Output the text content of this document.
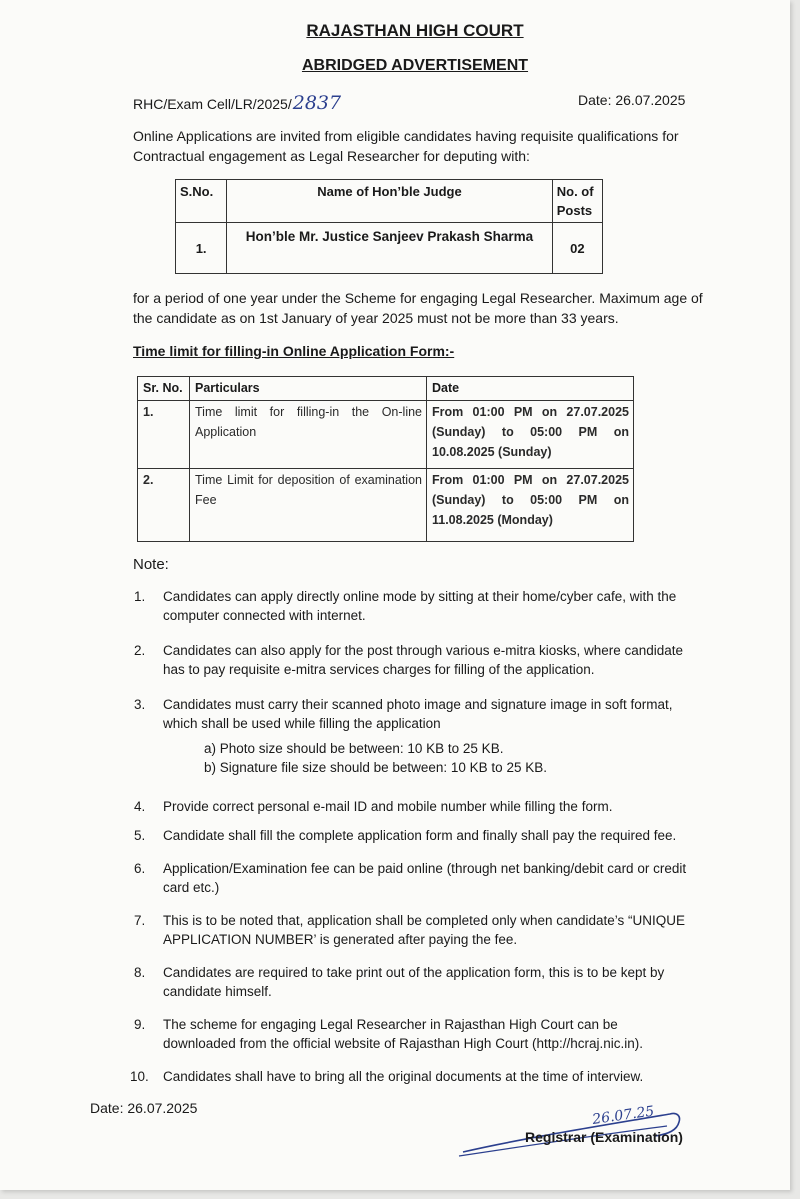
RAJASTHAN HIGH COURT
ABRIDGED ADVERTISEMENT
RHC/Exam Cell/LR/2025/2837	Date: 26.07.2025
Online Applications are invited from eligible candidates having requisite qualifications for Contractual engagement as Legal Researcher for deputing with:
S.No.	Name of Hon’ble Judge	No. of Posts
1.	Hon’ble Mr. Justice Sanjeev Prakash Sharma	02
for a period of one year under the Scheme for engaging Legal Researcher. Maximum age of the candidate as on 1st January of year 2025 must not be more than 33 years.
Time limit for filling-in Online Application Form:-
Sr. No.	Particulars	Date
1.	Time limit for filling-in the On-line Application	From 01:00 PM on 27.07.2025 (Sunday) to 05:00 PM on 10.08.2025 (Sunday)
2.	Time Limit for deposition of examination Fee	From 01:00 PM on 27.07.2025 (Sunday) to 05:00 PM on 11.08.2025 (Monday)
Note:
1. Candidates can apply directly online mode by sitting at their home/cyber cafe, with the computer connected with internet.
2. Candidates can also apply for the post through various e-mitra kiosks, where candidate has to pay requisite e-mitra services charges for filling of the application.
3. Candidates must carry their scanned photo image and signature image in soft format, which shall be used while filling the application
4. Provide correct personal e-mail ID and mobile number while filling the form.
5. Candidate shall fill the complete application form and finally shall pay the required fee.
6. Application/Examination fee can be paid online (through net banking/debit card or credit card etc.)
7. This is to be noted that, application shall be completed only when candidate’s “UNIQUE APPLICATION NUMBER’ is generated after paying the fee.
8. Candidates are required to take print out of the application form, this is to be kept by candidate himself.
9. The scheme for engaging Legal Researcher in Rajasthan High Court can be downloaded from the official website of Rajasthan High Court (http://hcraj.nic.in).
10. Candidates shall have to bring all the original documents at the time of interview.
a) Photo size should be between: 10 KB to 25 KB.
b) Signature file size should be between: 10 KB to 25 KB.
Date: 26.07.2025	26.07.25
Registrar (Examination)
